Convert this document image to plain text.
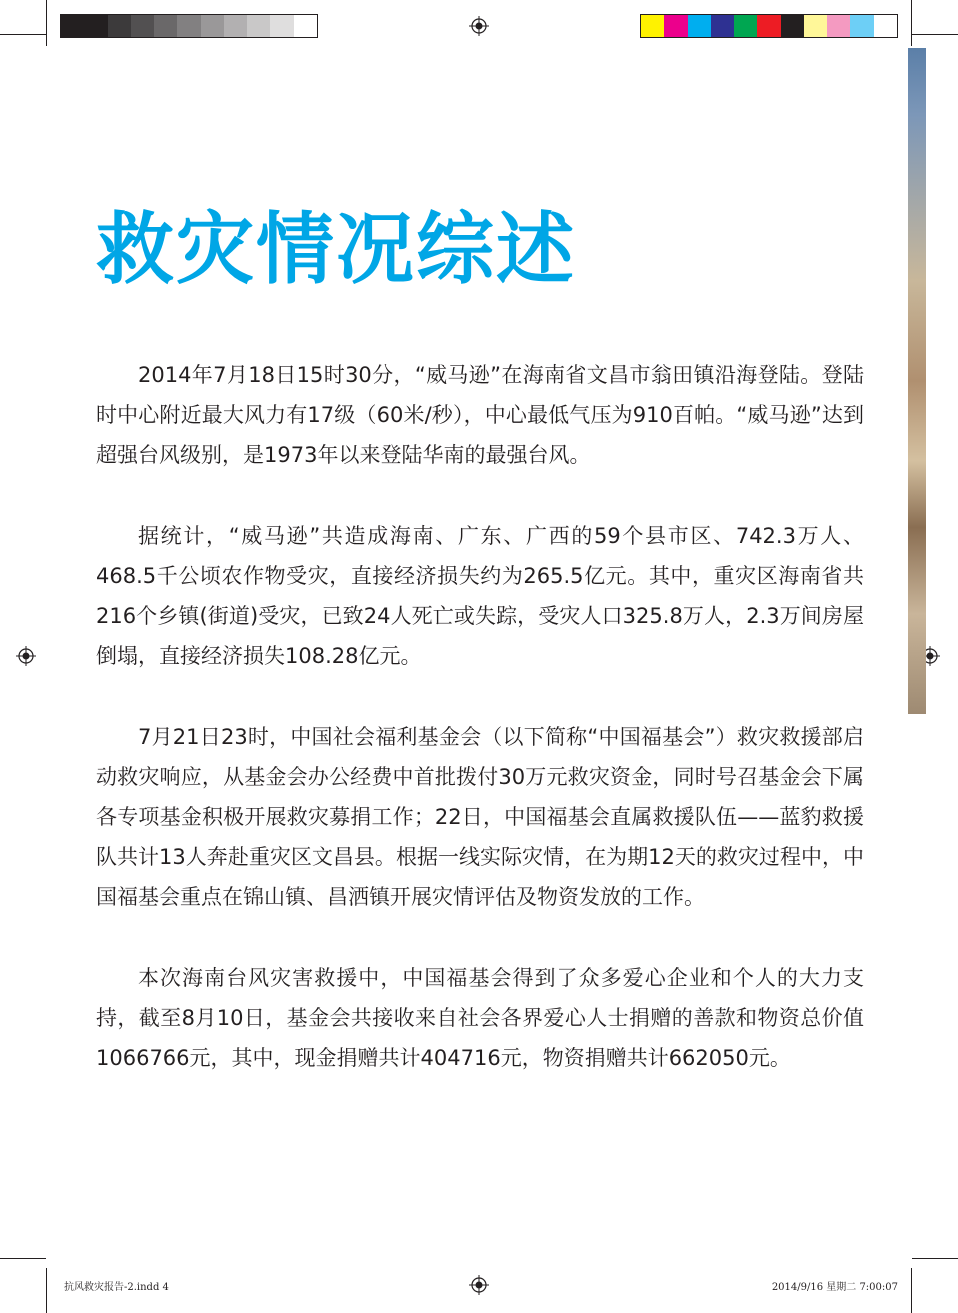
救灾情况综述

2014年7月18日15时30分，“威马逊”在海南省文昌市翁田镇沿海登陆。登陆时中心附近最大风力有17级（60米/秒），中心最低气压为910百帕。“威马逊”达到超强台风级别，是1973年以来登陆华南的最强台风。

据统计，“威马逊”共造成海南、广东、广西的59个县市区、742.3万人、468.5千公顷农作物受灾，直接经济损失约为265.5亿元。其中，重灾区海南省共216个乡镇(街道)受灾，已致24人死亡或失踪，受灾人口325.8万人，2.3万间房屋倒塌，直接经济损失108.28亿元。

7月21日23时，中国社会福利基金会（以下简称“中国福基会”）救灾救援部启动救灾响应，从基金会办公经费中首批拨付30万元救灾资金，同时号召基金会下属各专项基金积极开展救灾募捐工作；22日，中国福基会直属救援队伍——蓝豹救援队共计13人奔赴重灾区文昌县。根据一线实际灾情，在为期12天的救灾过程中，中国福基会重点在锦山镇、昌洒镇开展灾情评估及物资发放的工作。

本次海南台风灾害救援中，中国福基会得到了众多爱心企业和个人的大力支持，截至8月10日，基金会共接收来自社会各界爱心人士捐赠的善款和物资总价值1066766元，其中，现金捐赠共计404716元，物资捐赠共计662050元。

抗风救灾报告-2.indd 4	2014/9/16 星期二 7:00:07
